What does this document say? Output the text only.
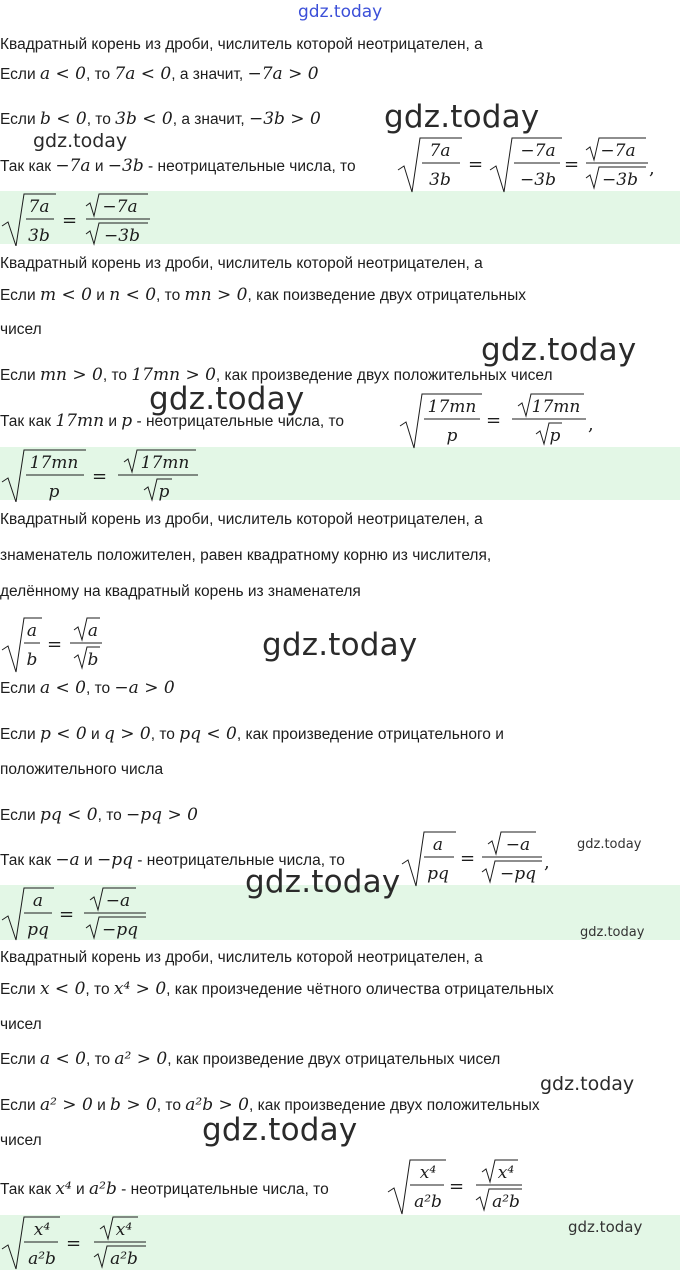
gdz.today
Квадратный корень из дроби, числитель которой неотрицателен, а
Если a < 0, то 7a < 0, а значит, −7a > 0
Если b < 0, то 3b < 0, а значит, −3b > 0
Так как −7a и −3b - неотрицательные числа, то
7a
3b
=
−7a
−3b
=
−7a
−3b
,
7a
3b
=
−7a
−3b
Квадратный корень из дроби, числитель которой неотрицателен, а
Если m < 0 и n < 0, то mn > 0, как поизведение двух отрицательных
чисел
Если mn > 0, то 17mn > 0, как произведение двух положительных чисел
Так как 17mn и p - неотрицательные числа, то
17mn
p
=
17mn
p
,
17mn
p
=
17mn
p
Квадратный корень из дроби, числитель которой неотрицателен, а
знаменатель положителен, равен квадратному корню из числителя,
делённому на квадратный корень из знаменателя
a
b
=
a
b
Если a < 0, то −a > 0
Если p < 0 и q > 0, то pq < 0, как произведение отрицательного и
положительного числа
Если pq < 0, то −pq > 0
Так как −a и −pq - неотрицательные числа, то
a
pq
=
−a
−pq
,
a
pq
=
−a
−pq
Квадратный корень из дроби, числитель которой неотрицателен, а
Если x < 0, то x⁴ > 0, как произчедение чётного оличества отрицательных
чисел
Если a < 0, то a² > 0, как произведение двух отрицательных чисел
Если a² > 0 и b > 0, то a²b > 0, как произведение двух положительных
чисел
Так как x⁴ и a²b - неотрицательные числа, то
x⁴
a²b
=
x⁴
a²b
x⁴
a²b
=
x⁴
a²b
gdz.today
gdz.today
gdz.today
gdz.today
gdz.today
gdz.today
gdz.today
gdz.today
gdz.today
gdz.today
gdz.today
